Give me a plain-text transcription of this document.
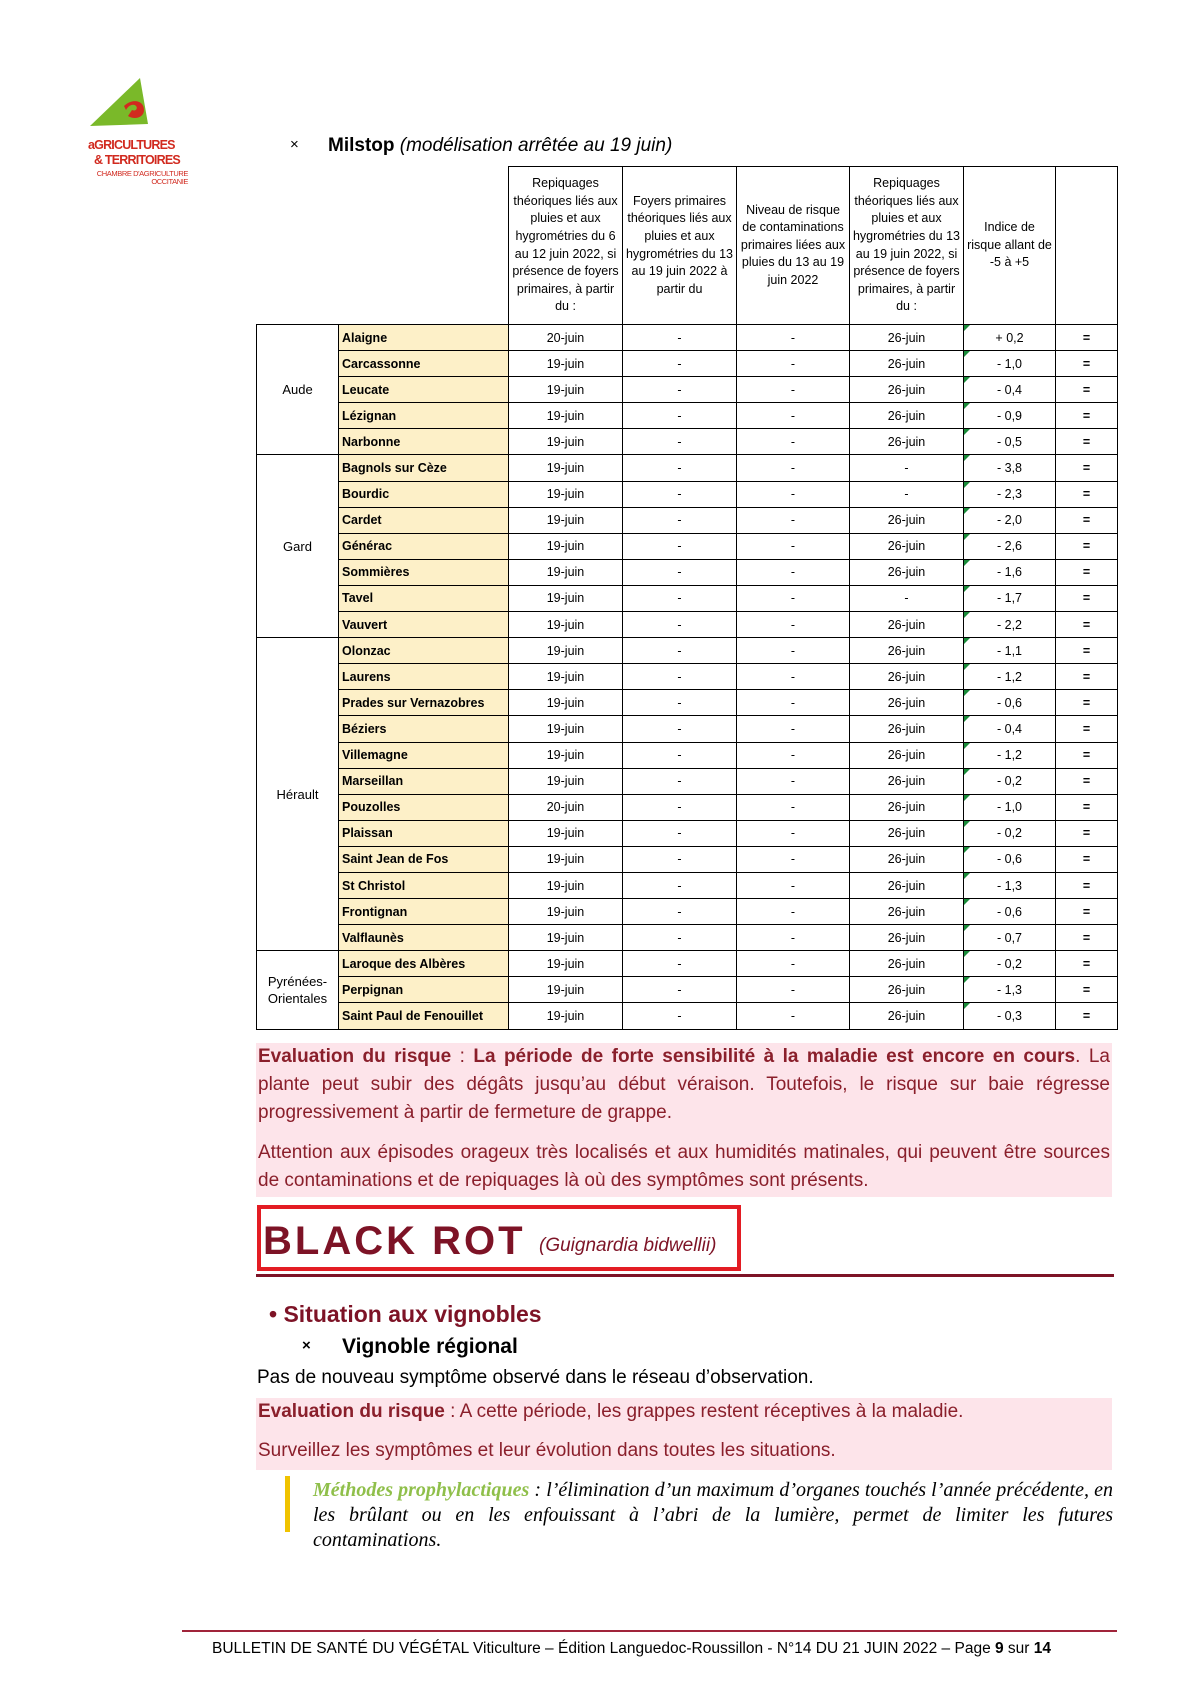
aGRICULTURES
& TERRITOIRES
CHAMBRE D'AGRICULTURE OCCITANIE
× Milstop (modélisation arrêtée au 19 juin)
		Repiquages théoriques liés aux pluies et aux hygrométries du 6 au 12 juin 2022, si présence de foyers primaires, à partir du :	Foyers primaires théoriques liés aux pluies et aux hygrométries du 13 au 19 juin 2022 à partir du	Niveau de risque de contaminations primaires liées aux pluies du 13 au 19 juin 2022	Repiquages théoriques liés aux pluies et aux hygrométries du 13 au 19 juin 2022, si présence de foyers primaires, à partir du :	Indice de risque allant de -5 à +5	
Aude	Alaigne	20-juin	-	-	26-juin	+ 0,2	=
	Carcassonne	19-juin	-	-	26-juin	- 1,0	=
	Leucate	19-juin	-	-	26-juin	- 0,4	=
	Lézignan	19-juin	-	-	26-juin	- 0,9	=
	Narbonne	19-juin	-	-	26-juin	- 0,5	=
Gard	Bagnols sur Cèze	19-juin	-	-	-	- 3,8	=
	Bourdic	19-juin	-	-	-	- 2,3	=
	Cardet	19-juin	-	-	26-juin	- 2,0	=
	Générac	19-juin	-	-	26-juin	- 2,6	=
	Sommières	19-juin	-	-	26-juin	- 1,6	=
	Tavel	19-juin	-	-	-	- 1,7	=
	Vauvert	19-juin	-	-	26-juin	- 2,2	=
Hérault	Olonzac	19-juin	-	-	26-juin	- 1,1	=
	Laurens	19-juin	-	-	26-juin	- 1,2	=
	Prades sur Vernazobres	19-juin	-	-	26-juin	- 0,6	=
	Béziers	19-juin	-	-	26-juin	- 0,4	=
	Villemagne	19-juin	-	-	26-juin	- 1,2	=
	Marseillan	19-juin	-	-	26-juin	- 0,2	=
	Pouzolles	20-juin	-	-	26-juin	- 1,0	=
	Plaissan	19-juin	-	-	26-juin	- 0,2	=
	Saint Jean de Fos	19-juin	-	-	26-juin	- 0,6	=
	St Christol	19-juin	-	-	26-juin	- 1,3	=
	Frontignan	19-juin	-	-	26-juin	- 0,6	=
	Valflaunès	19-juin	-	-	26-juin	- 0,7	=
Pyrénées-
Orientales	Laroque des Albères	19-juin	-	-	26-juin	- 0,2	=
	Perpignan	19-juin	-	-	26-juin	- 1,3	=
	Saint Paul de Fenouillet	19-juin	-	-	26-juin	- 0,3	=

Evaluation du risque : La période de forte sensibilité à la maladie est encore en cours. La plante peut subir des dégâts jusqu’au début véraison. Toutefois, le risque sur baie régresse progressivement à partir de fermeture de grappe.

Attention aux épisodes orageux très localisés et aux humidités matinales, qui peuvent être sources de contaminations et de repiquages là où des symptômes sont présents.

BLACK ROT (Guignardia bidwellii)
• Situation aux vignobles
× Vignoble régional
Pas de nouveau symptôme observé dans le réseau d’observation.

Evaluation du risque : A cette période, les grappes restent réceptives à la maladie.

Surveillez les symptômes et leur évolution dans toutes les situations.

Méthodes prophylactiques : l’élimination d’un maximum d’organes touchés l’année précédente, en les brûlant ou en les enfouissant à l’abri de la lumière, permet de limiter les futures contaminations.
BULLETIN DE SANTÉ DU VÉGÉTAL Viticulture – Édition Languedoc-Roussillon - N°14 DU 21 JUIN 2022 – Page 9 sur 14
